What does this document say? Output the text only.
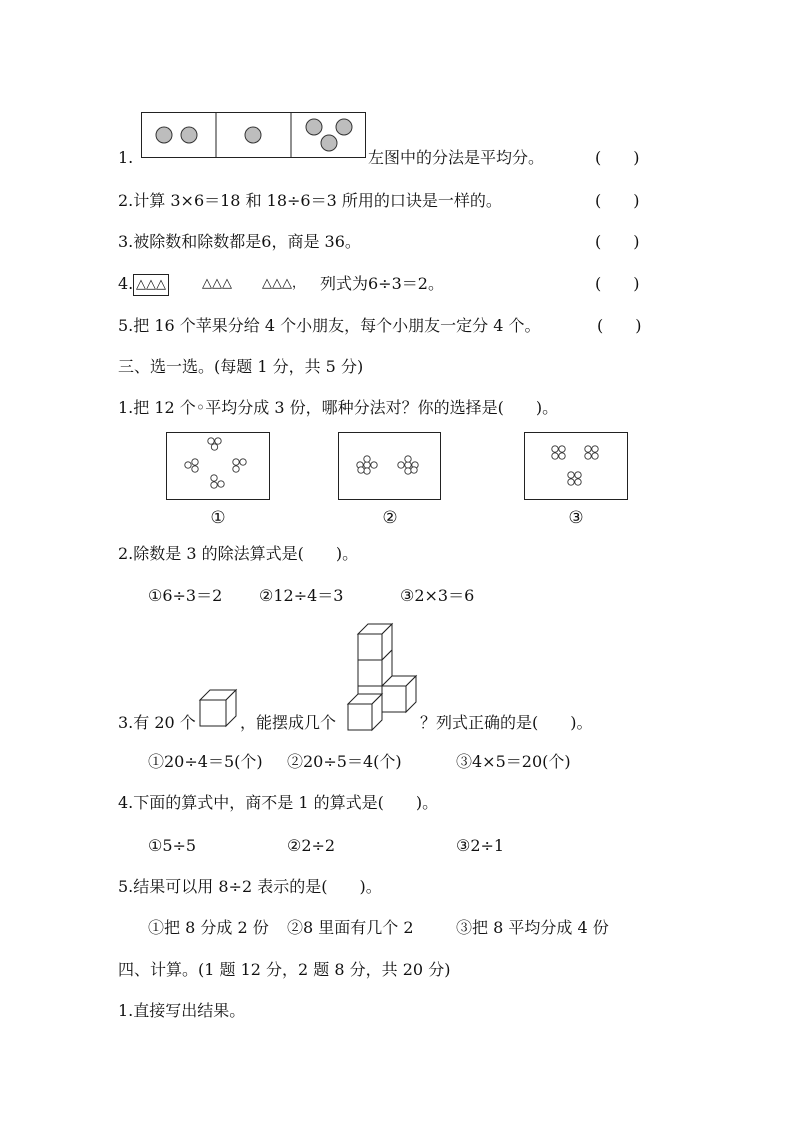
1.	左图中的分法是平均分。	(　　)
2.计算 3×6＝18 和 18÷6＝3 所用的口诀是一样的。	(　　)
3.被除数和除数都是6，商是 36。	(　　)
4. △△△	△△△ △△△， 列式为6÷3＝2。	(　　)
5.把 16 个苹果分给 4 个小朋友，每个小朋友一定分 4 个。	(　　)
三、选一选。(每题 1 分，共 5 分)
1.把 12 个◦平均分成 3 份，哪种分法对？你的选择是(　　)。
①	②	③
2.除数是 3 的除法算式是(　　)。
①6÷3＝2 ②12÷4＝3	③2×3＝6
3.有 20 个	，能摆成几个	？列式正确的是(　　)。
①20÷4＝5(个) ②20÷5＝4(个)	③4×5＝20(个)
4.下面的算式中，商不是 1 的算式是(　　)。
①5÷5	②2÷2	③2÷1
5.结果可以用 8÷2 表示的是(　　)。
①把 8 分成 2 份 ②8 里面有几个 2	③把 8 平均分成 4 份
四、计算。(1 题 12 分，2 题 8 分，共 20 分)
1.直接写出结果。
